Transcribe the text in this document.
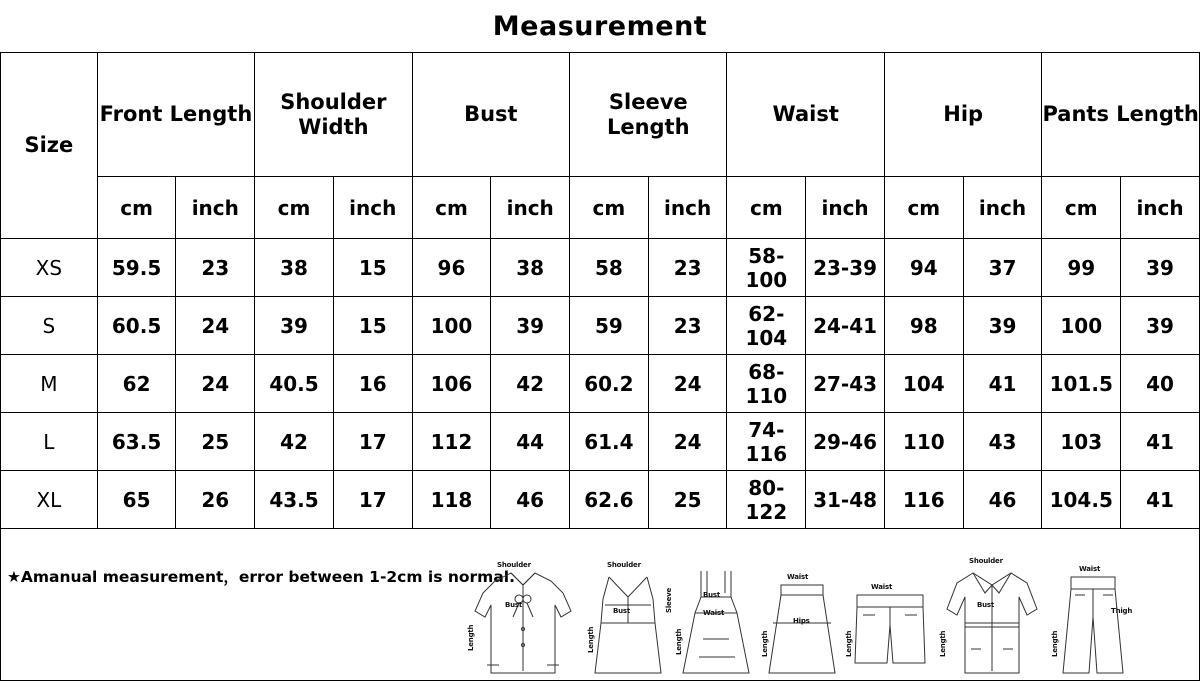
Measurement
Size	Front Length		Shoulder Width		Bust		Sleeve Length		Waist		Hip		Pants Length	
	cm	inch	cm	inch	cm	inch	cm	inch	cm	inch	cm	inch	cm	inch
XS	59.5	23	38	15	96	38	58	23	58-100	23-39	94	37	99	39
S	60.5	24	39	15	100	39	59	23	62-104	24-41	98	39	100	39
M	62	24	40.5	16	106	42	60.2	24	68-110	27-43	104	41	101.5	40
L	63.5	25	42	17	112	44	61.4	24	74-116	29-46	110	43	103	41
XL	65	26	43.5	17	118	46	62.6	25	80-122	31-48	116	46	104.5	41
★Amanual measurement，error between 1-2cm is normal.
Shoulder
Bust
Length
Shoulder
Bust	Sleeve
Length
Bust
Waist
Length
Waist
Hips
Length
Waist
Length
Shoulder
Bust
Length
Waist
Thigh
Length
